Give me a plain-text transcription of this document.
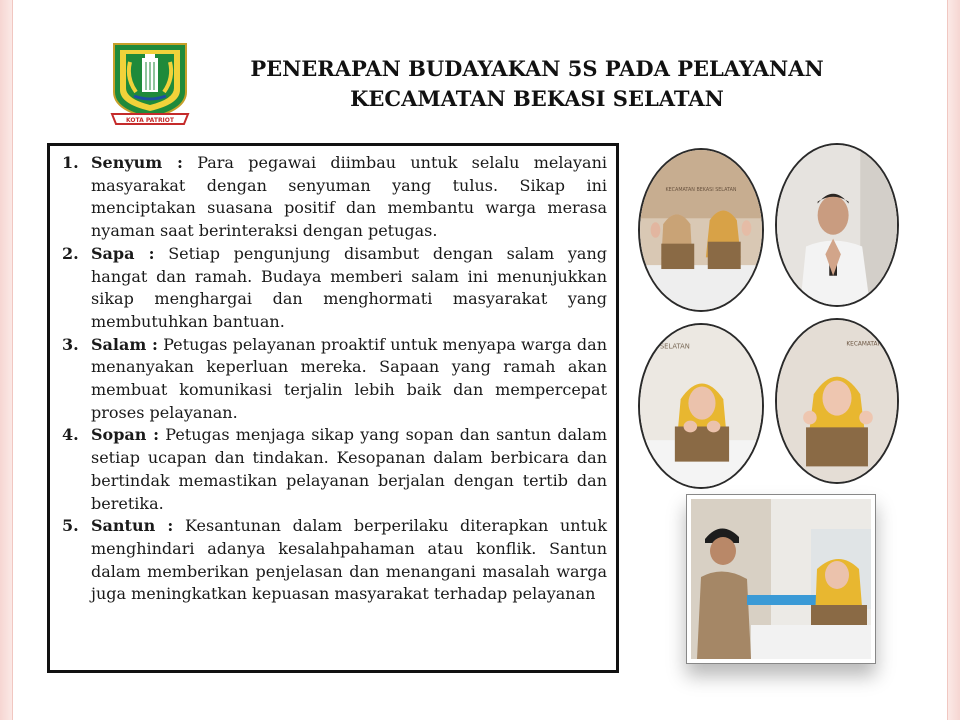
KOTA PATRIOT
PENERAPAN BUDAYAKAN 5S PADA PELAYANAN
KECAMATAN BEKASI SELATAN
1. Senyum : Para pegawai diimbau untuk selalu melayani masyarakat dengan senyuman yang tulus. Sikap ini menciptakan suasana positif dan membantu warga merasa nyaman saat berinteraksi dengan petugas.
2. Sapa : Setiap pengunjung disambut dengan salam yang hangat dan ramah. Budaya memberi salam ini menunjukkan sikap menghargai dan menghormati masyarakat yang membutuhkan bantuan.
3. Salam : Petugas pelayanan proaktif untuk menyapa warga dan menanyakan keperluan mereka. Sapaan yang ramah akan membuat komunikasi terjalin lebih baik dan mempercepat proses pelayanan.
4. Sopan : Petugas menjaga sikap yang sopan dan santun dalam setiap ucapan dan tindakan. Kesopanan dalam berbicara dan bertindak memastikan pelayanan berjalan dengan tertib dan beretika.
5. Santun : Kesantunan dalam berperilaku diterapkan untuk menghindari adanya kesalahpahaman atau konflik. Santun dalam memberikan penjelasan dan menangani masalah warga juga meningkatkan kepuasan masyarakat terhadap pelayanan
KECAMATAN BEKASI SELATAN
SELATAN	KECAMATAN
